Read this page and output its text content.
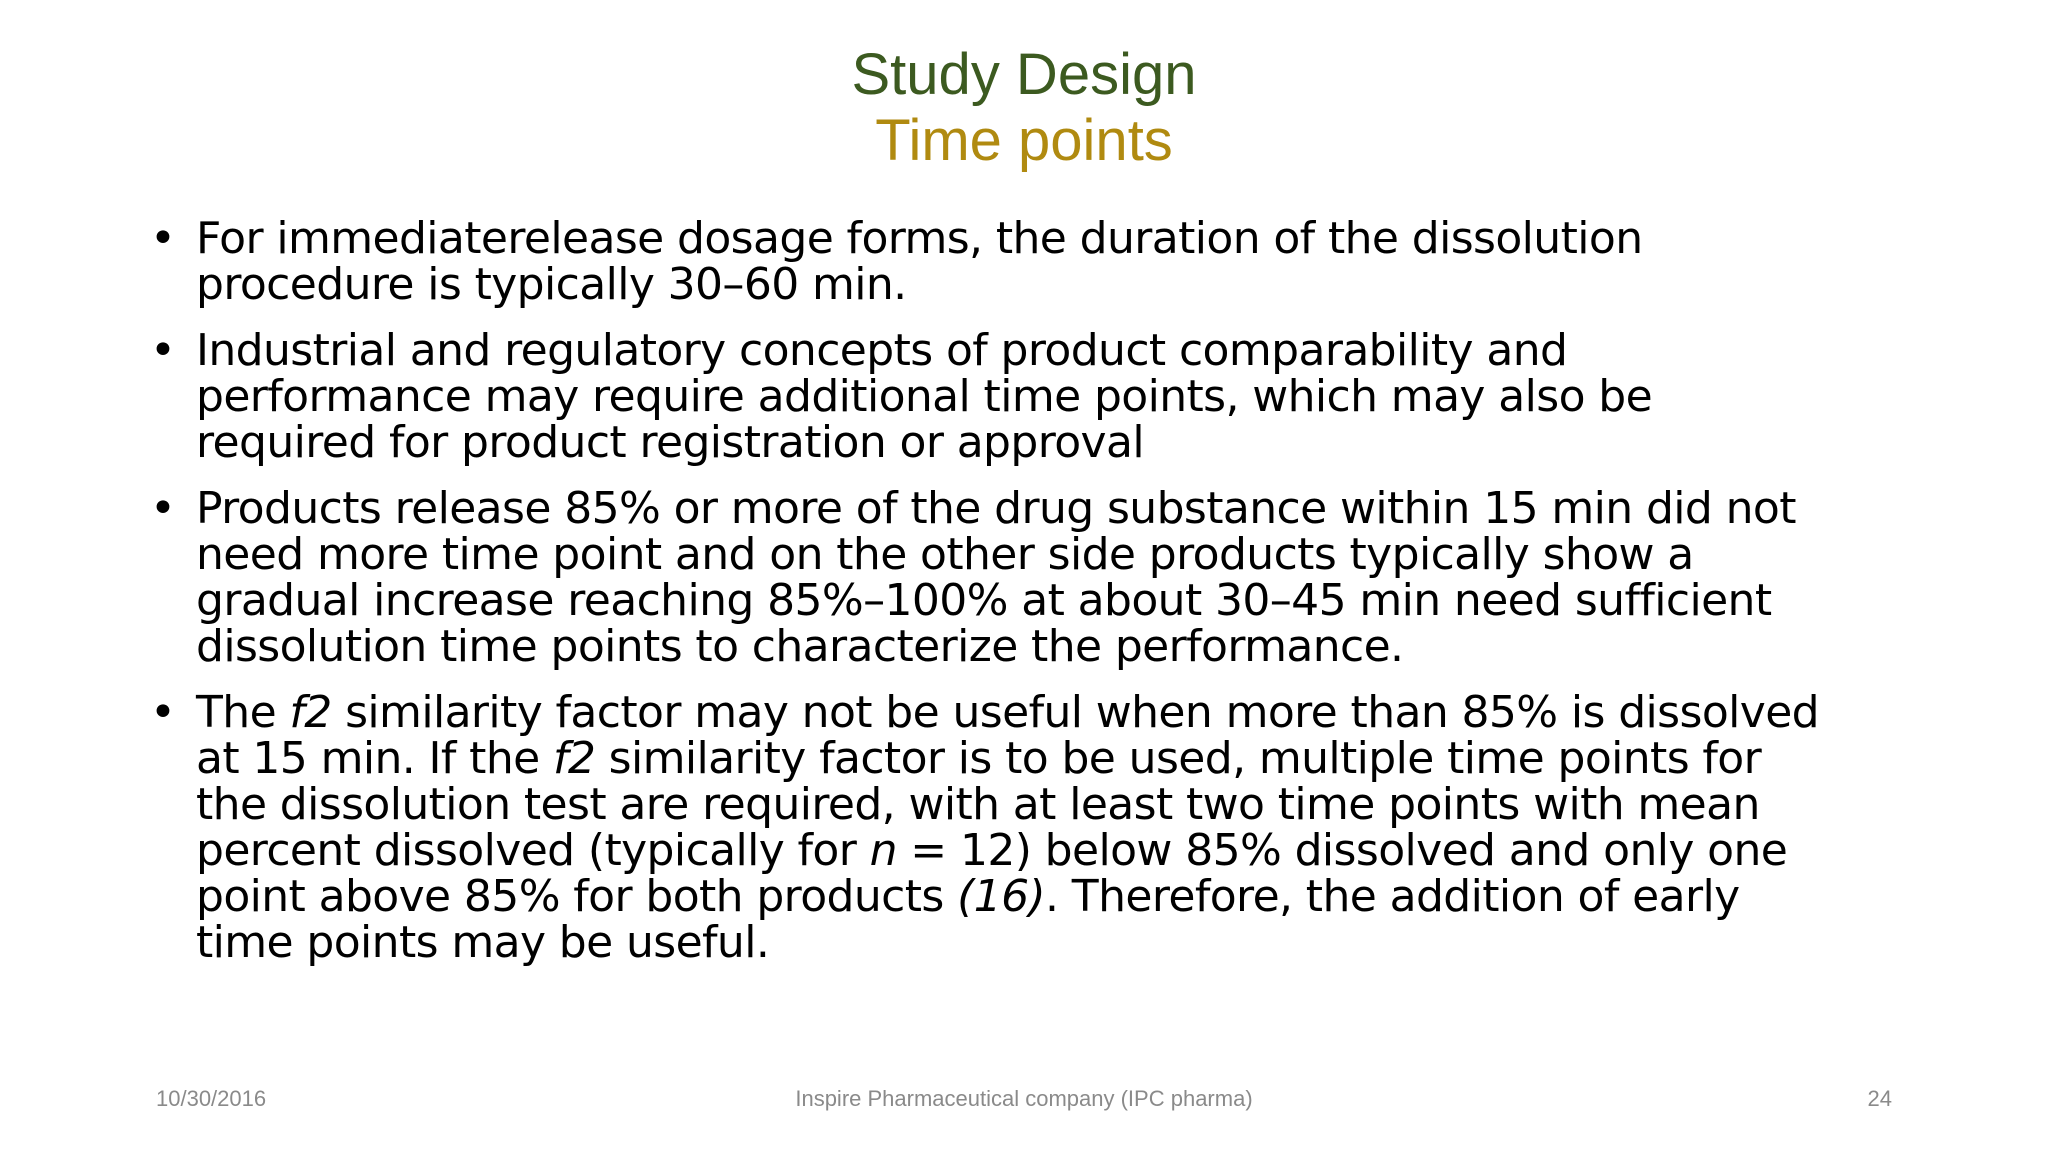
Study Design
Time points
• For immediaterelease dosage forms, the duration of the dissolution
procedure is typically 30–60 min.
• Industrial and regulatory concepts of product comparability and
performance may require additional time points, which may also be
required for product registration or approval
• Products release 85% or more of the drug substance within 15 min did not
need more time point and on the other side products typically show a
gradual increase reaching 85%–100% at about 30–45 min need sufficient
dissolution time points to characterize the performance.
• The f2 similarity factor may not be useful when more than 85% is dissolved
at 15 min. If the f2 similarity factor is to be used, multiple time points for
the dissolution test are required, with at least two time points with mean
percent dissolved (typically for n = 12) below 85% dissolved and only one
point above 85% for both products (16). Therefore, the addition of early
time points may be useful.
10/30/2016	Inspire Pharmaceutical company (IPC pharma)	24
